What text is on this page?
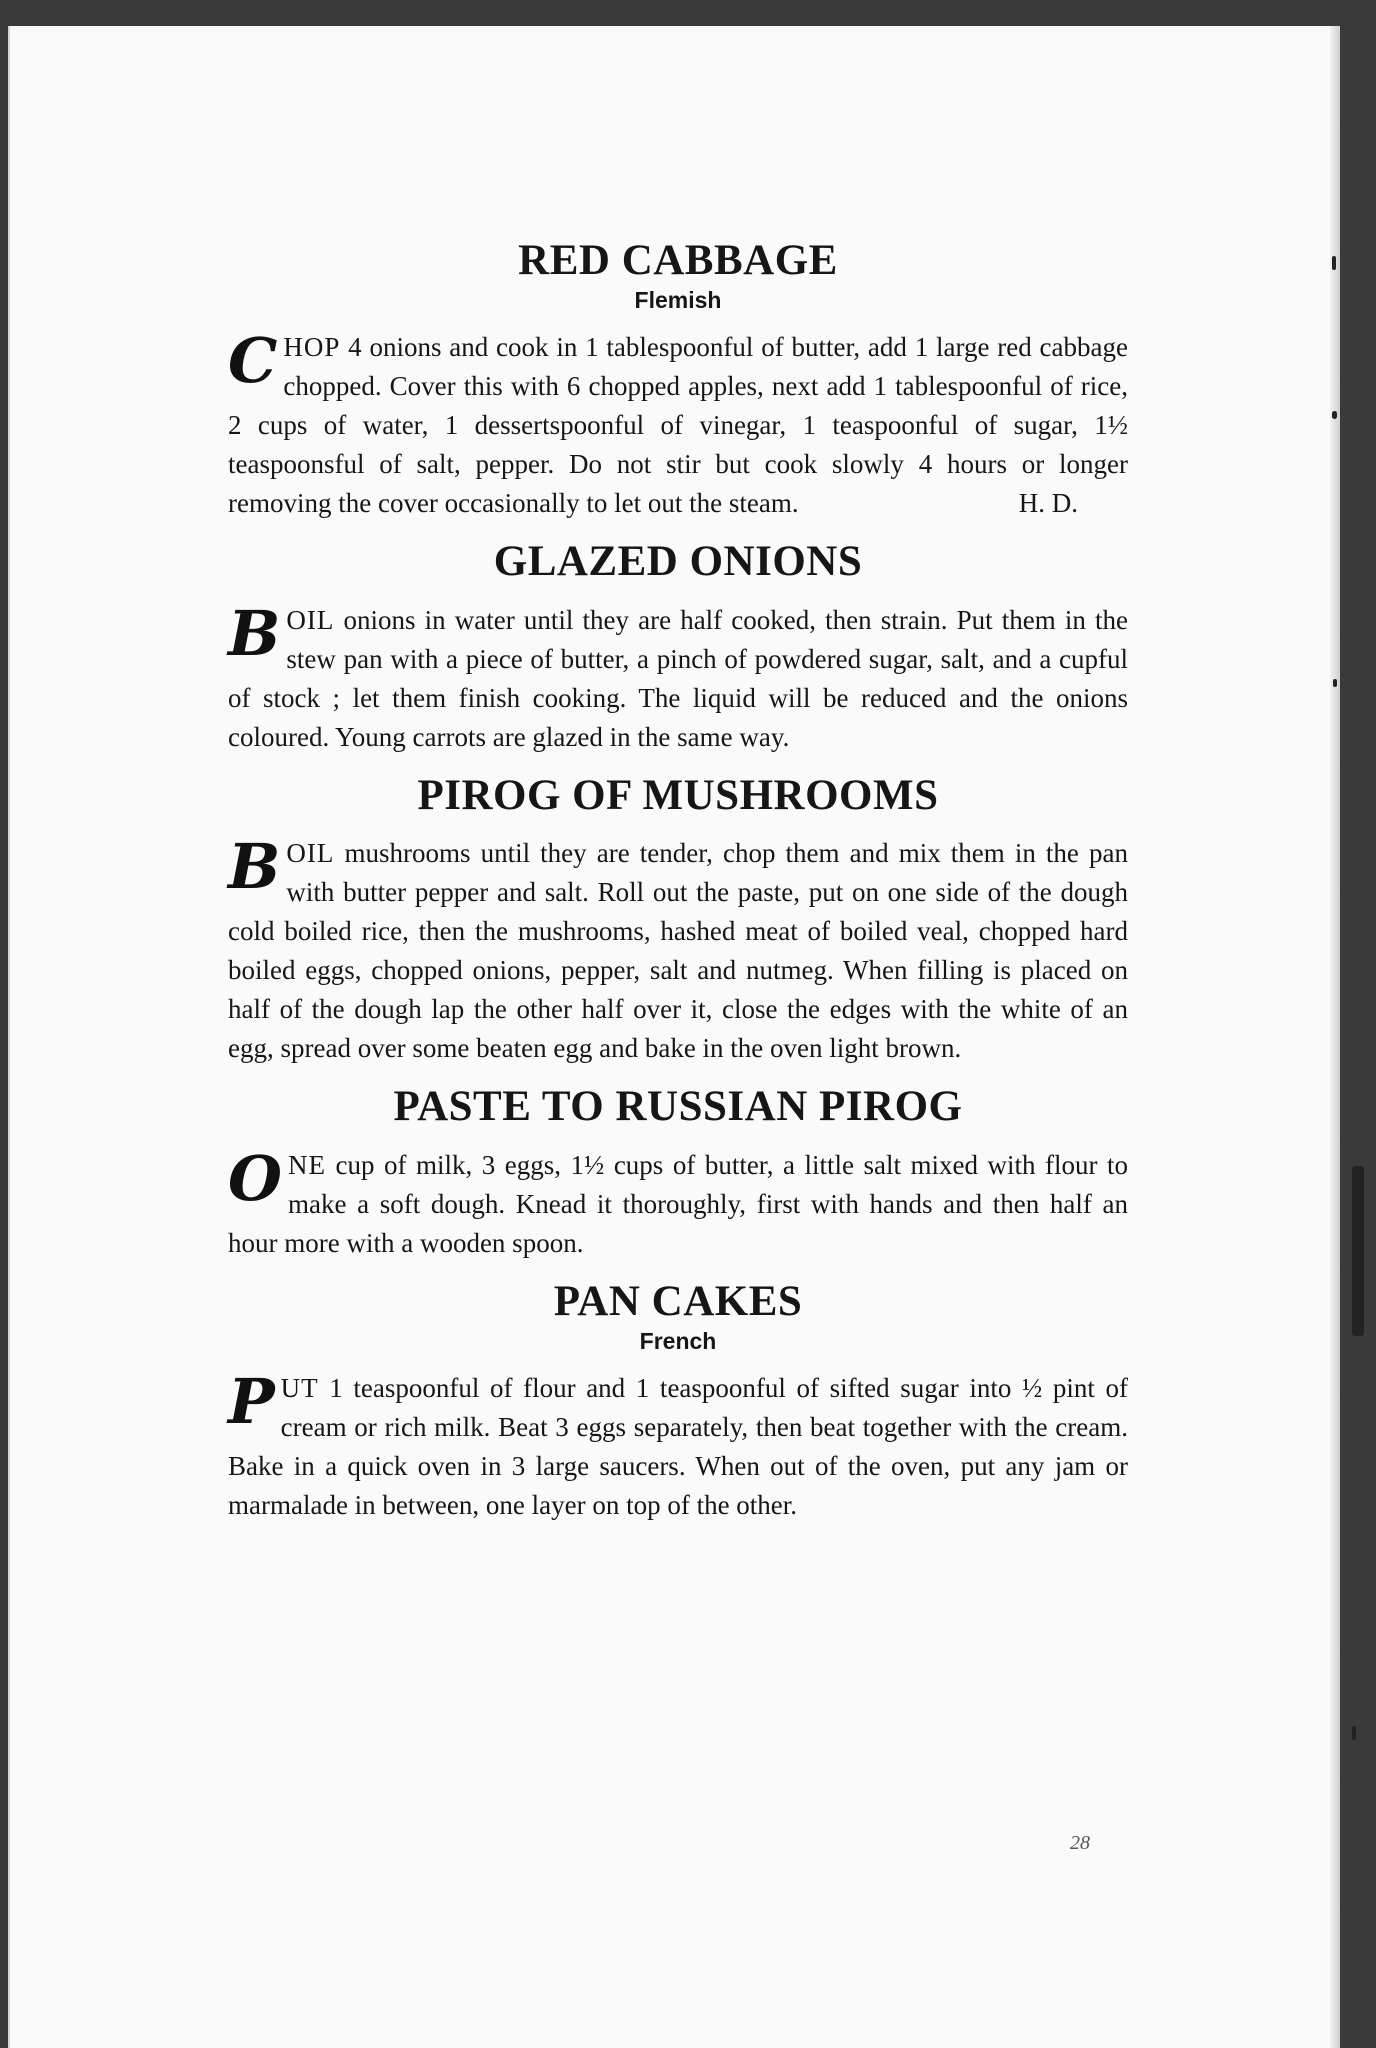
RED CABBAGE
Flemish

CHOP 4 onions and cook in 1 tablespoonful of butter, add 1 large red cabbage chopped. Cover this with 6 chopped apples, next add 1 tablespoonful of rice, 2 cups of water, 1 dessertspoonful of vinegar, 1 teaspoonful of sugar, 1½ teaspoonsful of salt, pepper. Do not stir but cook slowly 4 hours or longer removing the cover occasionally to let out the steam.	H. D.

GLAZED ONIONS

BOIL onions in water until they are half cooked, then strain. Put them in the stew pan with a piece of butter, a pinch of powdered sugar, salt, and a cupful of stock ; let them finish cooking. The liquid will be reduced and the onions coloured. Young carrots are glazed in the same way.

PIROG OF MUSHROOMS

BOIL mushrooms until they are tender, chop them and mix them in the pan with butter pepper and salt. Roll out the paste, put on one side of the dough cold boiled rice, then the mushrooms, hashed meat of boiled veal, chopped hard boiled eggs, chopped onions, pepper, salt and nutmeg. When filling is placed on half of the dough lap the other half over it, close the edges with the white of an egg, spread over some beaten egg and bake in the oven light brown.

PASTE TO RUSSIAN PIROG

ONE cup of milk, 3 eggs, 1½ cups of butter, a little salt mixed with flour to make a soft dough. Knead it thoroughly, first with hands and then half an hour more with a wooden spoon.

PAN CAKES
French

PUT 1 teaspoonful of flour and 1 teaspoonful of sifted sugar into ½ pint of cream or rich milk. Beat 3 eggs separately, then beat together with the cream. Bake in a quick oven in 3 large saucers. When out of the oven, put any jam or marmalade in between, one layer on top of the other.

28
